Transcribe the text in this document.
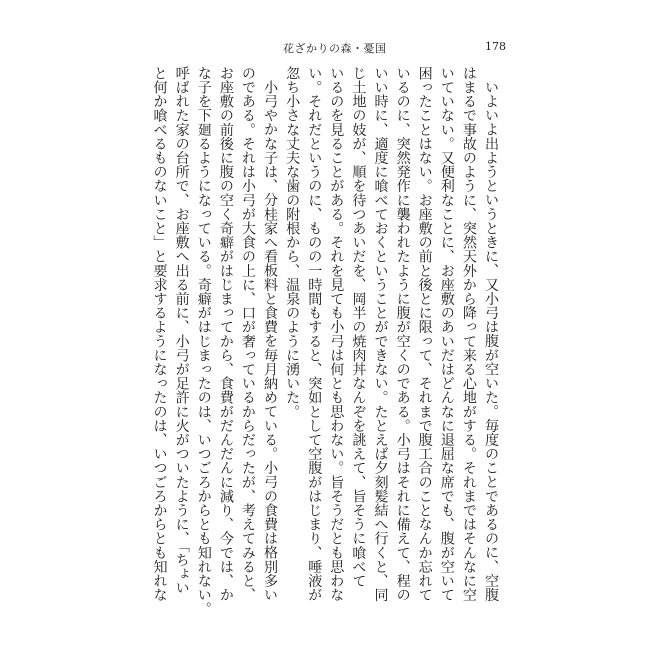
花ざかりの森・憂国	178
いよいよ出ようというときに、又小弓は腹が空いた。毎度のことであるのに、空腹
はまるで事故のように、突然天外から降って来る心地がする。それまではそんなに空
いていない。又便利なことに、お座敷のあいだはどんなに退屈な席でも、腹が空いて
困ったことはない。お座敷の前と後とに限って、それまで腹工合のことなんか忘れて
いるのに、突然発作に襲われたように腹が空くのである。小弓はそれに備えて、程の
いい時に、適度に喰べておくということができない。たとえば夕刻髪結へ行くと、同
じ土地の妓が、順を待つあいだを、岡半の焼肉丼なんぞを誂えて、旨そうに喰べて
いるのを見ることがある。それを見ても小弓は何とも思わない。旨そうだとも思わな
い。それだというのに、ものの一時間もすると、突如として空腹がはじまり、唾液が
忽ち小さな丈夫な歯の附根から、温泉のように湧いた。
小弓やかな子は、分桂家へ看板料と食費を毎月納めている。小弓の食費は格別多い
のである。それは小弓が大食の上に、口が奢っているからだったが、考えてみると、
お座敷の前後に腹の空く奇癖がはじまってから、食費がだんだんに減り、今では、か
な子を下廻るようになっている。奇癖がはじまったのは、いつごろからとも知れない。
呼ばれた家の台所で、お座敷へ出る前に、小弓が足許に火がついたように、「ちょい
と何か喰べるものないこと」と要求するようになったのは、いつごろからとも知れな
